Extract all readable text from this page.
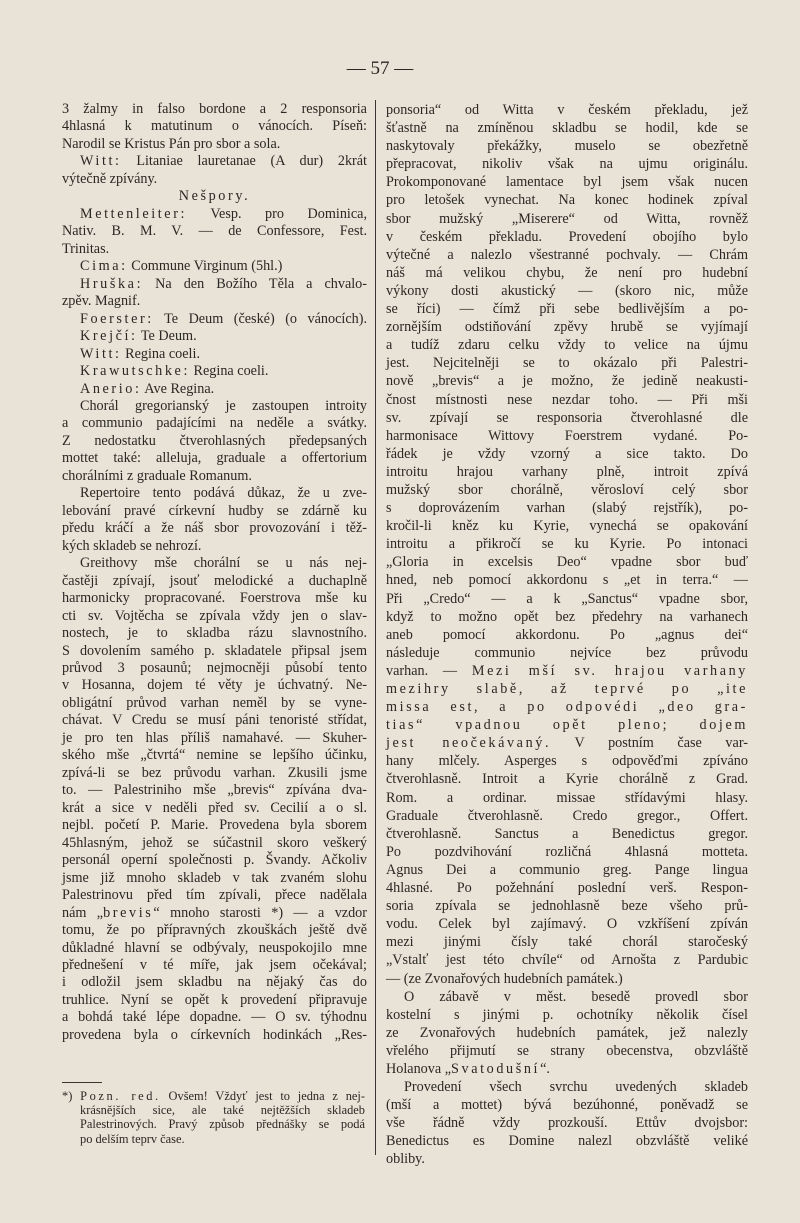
— 57 —
3 žalmy in falso bordone a 2 responsoria
4hlasná k matutinum o vánocích. Píseň:
Narodil se Kristus Pán pro sbor a sola.
Witt: Litaniae lauretanae (A dur) 2krát
výtečně zpívány.
Nešpory.
Mettenleiter: Vesp. pro Dominica,
Nativ. B. M. V. — de Confessore, Fest.
Trinitas.
Cima: Commune Virginum (5hl.)
Hruška: Na den Božího Těla a chvalo-
zpěv. Magnif.
Foerster: Te Deum (české) (o vánocích).
Krejčí: Te Deum.
Witt: Regina coeli.
Krawutschke: Regina coeli.
Anerio: Ave Regina.
Chorál gregorianský je zastoupen introity
a communio padajícími na neděle a svátky.
Z nedostatku čtverohlasných předepsaných
mottet také: alleluja, graduale a offertorium
chorálními z graduale Romanum.
Repertoire tento podává důkaz, že u zve-
lebování pravé církevní hudby se zdárně ku
předu kráčí a že náš sbor provozování i těž-
kých skladeb se nehrozí.
Greithovy mše chorální se u nás nej-
častěji zpívají, jsouť melodické a duchaplně
harmonicky propracované. Foerstrova mše ku
cti sv. Vojtěcha se zpívala vždy jen o slav-
nostech, je to skladba rázu slavnostního.
S dovolením samého p. skladatele připsal jsem
průvod 3 posaunů; nejmocněji působí tento
v Hosanna, dojem té věty je úchvatný. Ne-
obligátní průvod varhan neměl by se vyne-
chávat. V Credu se musí páni tenoristé střídat,
je pro ten hlas příliš namahavé. — Skuher-
ského mše „čtvrtá“ nemine se lepšího účinku,
zpívá-li se bez průvodu varhan. Zkusili jsme
to. — Palestriniho mše „brevis“ zpívána dva-
krát a sice v neděli před sv. Cecilií a o sl.
nejbl. početí P. Marie. Provedena byla sborem
45hlasným, jehož se súčastnil skoro veškerý
personál operní společnosti p. Švandy. Ačkoliv
jsme již mnoho skladeb v tak zvaném slohu
Palestrinovu před tím zpívali, přece nadělala
nám „brevis“ mnoho starosti *) — a vzdor
tomu, že po přípravných zkouškách ještě dvě
důkladné hlavní se odbývaly, neuspokojilo mne
přednešení v té míře, jak jsem očekával;
i odložil jsem skladbu na nějaký čas do
truhlice. Nyní se opět k provedení připravuje
a bohdá také lépe dopadne. — O sv. týhodnu
provedena byla o církevních hodinkách „Res-
ponsoria“ od Witta v českém překladu, jež
šťastně na zmíněnou skladbu se hodil, kde se
naskytovaly překážky, muselo se obezřetně
přepracovat, nikoliv však na ujmu originálu.
Prokomponované lamentace byl jsem však nucen
pro letošek vynechat. Na konec hodinek zpíval
sbor mužský „Miserere“ od Witta, rovněž
v českém překladu. Provedení obojího bylo
výtečné a nalezlo všestranné pochvaly. — Chrám
náš má velikou chybu, že není pro hudební
výkony dosti akustický — (skoro nic, může
se říci) — čímž při sebe bedlivějším a po-
zornějším odstiňování zpěvy hrubě se vyjímají
a tudíž zdaru celku vždy to velice na újmu
jest. Nejcitelněji se to okázalo při Palestri-
nově „brevis“ a je možno, že jedině neakusti-
čnost místnosti nese nezdar toho. — Při mši
sv. zpívají se responsoria čtverohlasné dle
harmonisace Wittovy Foerstrem vydané. Po-
řádek je vždy vzorný a sice takto. Do
introitu hrajou varhany plně, introit zpívá
mužský sbor chorálně, věrosloví celý sbor
s doprovázením varhan (slabý rejstřík), po-
kročil-li kněz ku Kyrie, vynechá se opakování
introitu a přikročí se ku Kyrie. Po intonaci
„Gloria in excelsis Deo“ vpadne sbor buď
hned, neb pomocí akkordonu s „et in terra.“ —
Při „Credo“ — a k „Sanctus“ vpadne sbor,
když to možno opět bez předehry na varhanech
aneb pomocí akkordonu. Po „agnus dei“
následuje communio nejvíce bez průvodu
varhan. — Mezi mší sv. hrajou varhany
mezihry slabě, až teprvé po „ite
missa est, a po odpovédi „deo gra-
tias“ vpadnou opět pleno; dojem
jest neočekávaný. V postním čase var-
hany mlčely. Asperges s odpověďmi zpíváno
čtverohlasně. Introit a Kyrie chorálně z Grad.
Rom. a ordinar. missae střídavými hlasy.
Graduale čtverohlasně. Credo gregor., Offert.
čtverohlasně. Sanctus a Benedictus gregor.
Po pozdvihování rozličná 4hlasná motteta.
Agnus Dei a communio greg. Pange lingua
4hlasné. Po požehnání poslední verš. Respon-
soria zpívala se jednohlasně beze všeho prů-
vodu. Celek byl zajímavý. O vzkříšení zpíván
mezi jinými čísly také chorál staročeský
„Vstalť jest této chvíle“ od Arnošta z Pardubic
— (ze Zvonařových hudebních památek.)
O zábavě v měst. besedě provedl sbor
kostelní s jinými p. ochotníky několik čísel
ze Zvonařových hudebních památek, jež nalezly
vřelého přijmutí se strany obecenstva, obzvláště
Holanova „Svatodušní“.
Provedení všech svrchu uvedených skladeb
(mší a mottet) bývá bezúhonné, poněvadž se
vše řádně vždy prozkouší. Ettův dvojsbor:
Benedictus es Domine nalezl obzvláště veliké
obliby.
*) Pozn. red. Ovšem! Vždyť jest to jedna z nej-
krásnějších sice, ale také nejtěžších skladeb
Palestrinových. Pravý způsob přednášky se podá
po delším teprv čase.
